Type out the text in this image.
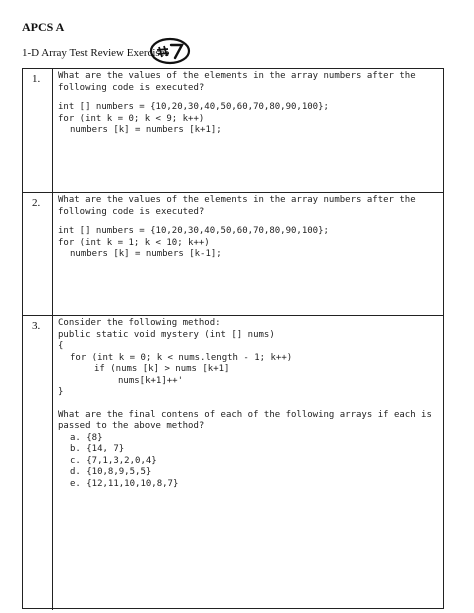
APCS A
1-D Array Test Review Exercises
1.	What are the values of the elements in the array numbers after the
following code is executed?
int [] numbers = {10,20,30,40,50,60,70,80,90,100};
for (int k = 0; k < 9; k++)
numbers [k] = numbers [k+1];
2.	What are the values of the elements in the array numbers after the
following code is executed?
int [] numbers = {10,20,30,40,50,60,70,80,90,100};
for (int k = 1; k < 10; k++)
numbers [k] = numbers [k-1];
3.	Consider the following method:
public static void mystery (int [] nums)
{
for (int k = 0; k < nums.length - 1; k++)
if (nums [k] > nums [k+1]
nums[k+1]++'
}
What are the final contens of each of the following arrays if each is
passed to the above method?
a. {8}
b. {14, 7}
c. {7,1,3,2,0,4}
d. {10,8,9,5,5}
e. {12,11,10,10,8,7}
